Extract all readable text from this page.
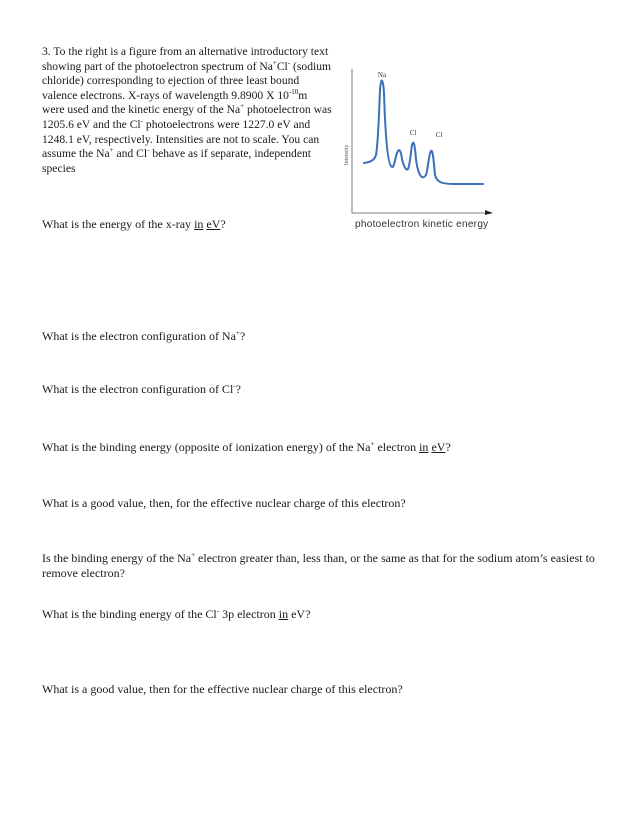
3. To the right is a figure from an alternative introductory text showing part of the photoelectron spectrum of Na+Cl- (sodium chloride) corresponding to ejection of three least bound valence electrons. X-rays of wavelength 9.8900 X $10^{-10}m$ were used and the kinetic energy of the Na+ photoelectron was 1205.6 eV and the Cl- photoelectrons were 1227.0 eV and 1248.1 eV, respectively. Intensities are not to scale. You can assume the Na+ and Cl- behave as if separate, independent species

What is the energy of the x-ray in eV?
What is the electron configuration of Na+?
What is the electron configuration of Cl-?
What is the binding energy (opposite of ionization energy) of the Na+ electron in eV?
What is a good value, then, for the effective nuclear charge of this electron?
Is the binding energy of the Na+ electron greater than, less than, or the same as that for the sodium atom’s easiest to remove electron?
What is the binding energy of the Cl- 3p electron in eV?
What is a good value, then for the effective nuclear charge of this electron?
Intensity
Na
Cl	Cl
photoelectron kinetic energy
